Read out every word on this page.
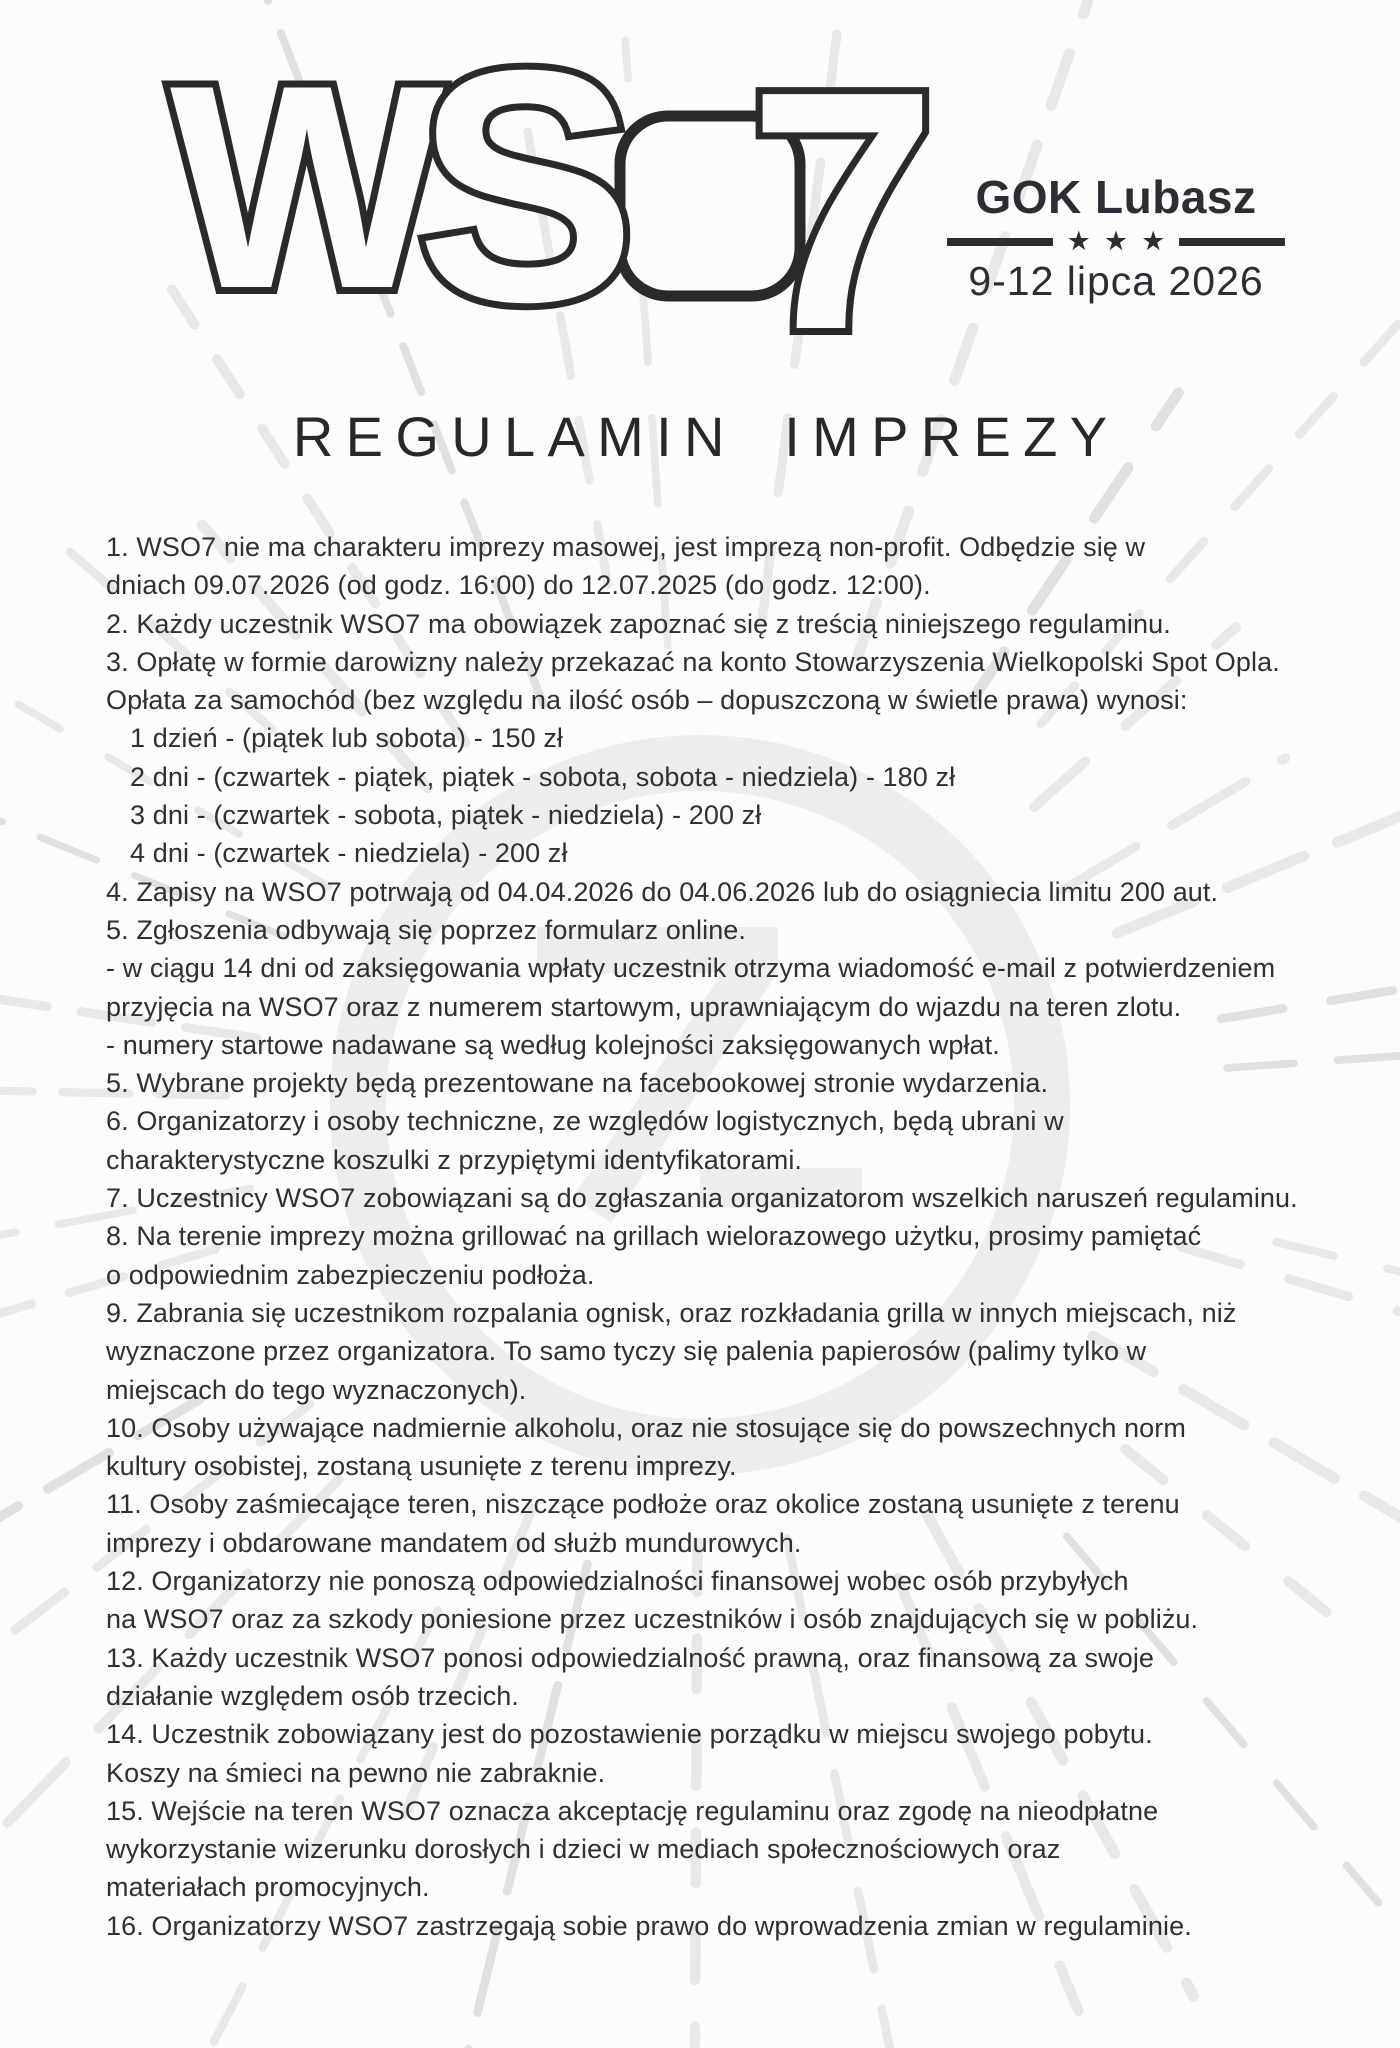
W
S 7 GOK Lubasz
★ ★ ★
9-12 lipca 2026
REGULAMIN IMPREZY
1. WSO7 nie ma charakteru imprezy masowej, jest imprezą non-profit. Odbędzie się w
dniach 09.07.2026 (od godz. 16:00) do 12.07.2025 (do godz. 12:00).
2. Każdy uczestnik WSO7 ma obowiązek zapoznać się z treścią niniejszego regulaminu.
3. Opłatę w formie darowizny należy przekazać na konto Stowarzyszenia Wielkopolski Spot Opla.
Opłata za samochód (bez względu na ilość osób – dopuszczoną w świetle prawa) wynosi:
1 dzień - (piątek lub sobota) - 150 zł
2 dni - (czwartek - piątek, piątek - sobota, sobota - niedziela) - 180 zł
3 dni - (czwartek - sobota, piątek - niedziela) - 200 zł
4 dni - (czwartek - niedziela) - 200 zł
4. Zapisy na WSO7 potrwają od 04.04.2026 do 04.06.2026 lub do osiągniecia limitu 200 aut.
5. Zgłoszenia odbywają się poprzez formularz online.
- w ciągu 14 dni od zaksięgowania wpłaty uczestnik otrzyma wiadomość e-mail z potwierdzeniem
przyjęcia na WSO7 oraz z numerem startowym, uprawniającym do wjazdu na teren zlotu.
- numery startowe nadawane są według kolejności zaksięgowanych wpłat.
5. Wybrane projekty będą prezentowane na facebookowej stronie wydarzenia.
6. Organizatorzy i osoby techniczne, ze względów logistycznych, będą ubrani w
charakterystyczne koszulki z przypiętymi identyfikatorami.
7. Uczestnicy WSO7 zobowiązani są do zgłaszania organizatorom wszelkich naruszeń regulaminu.
8. Na terenie imprezy można grillować na grillach wielorazowego użytku, prosimy pamiętać
o odpowiednim zabezpieczeniu podłoża.
9. Zabrania się uczestnikom rozpalania ognisk, oraz rozkładania grilla w innych miejscach, niż
wyznaczone przez organizatora. To samo tyczy się palenia papierosów (palimy tylko w
miejscach do tego wyznaczonych).
10. Osoby używające nadmiernie alkoholu, oraz nie stosujące się do powszechnych norm
kultury osobistej, zostaną usunięte z terenu imprezy.
11. Osoby zaśmiecające teren, niszczące podłoże oraz okolice zostaną usunięte z terenu
imprezy i obdarowane mandatem od służb mundurowych.
12. Organizatorzy nie ponoszą odpowiedzialności finansowej wobec osób przybyłych
na WSO7 oraz za szkody poniesione przez uczestników i osób znajdujących się w pobliżu.
13. Każdy uczestnik WSO7 ponosi odpowiedzialność prawną, oraz finansową za swoje
działanie względem osób trzecich.
14. Uczestnik zobowiązany jest do pozostawienie porządku w miejscu swojego pobytu.
Koszy na śmieci na pewno nie zabraknie.
15. Wejście na teren WSO7 oznacza akceptację regulaminu oraz zgodę na nieodpłatne
wykorzystanie wizerunku dorosłych i dzieci w mediach społecznościowych oraz
materiałach promocyjnych.
16. Organizatorzy WSO7 zastrzegają sobie prawo do wprowadzenia zmian w regulaminie.
